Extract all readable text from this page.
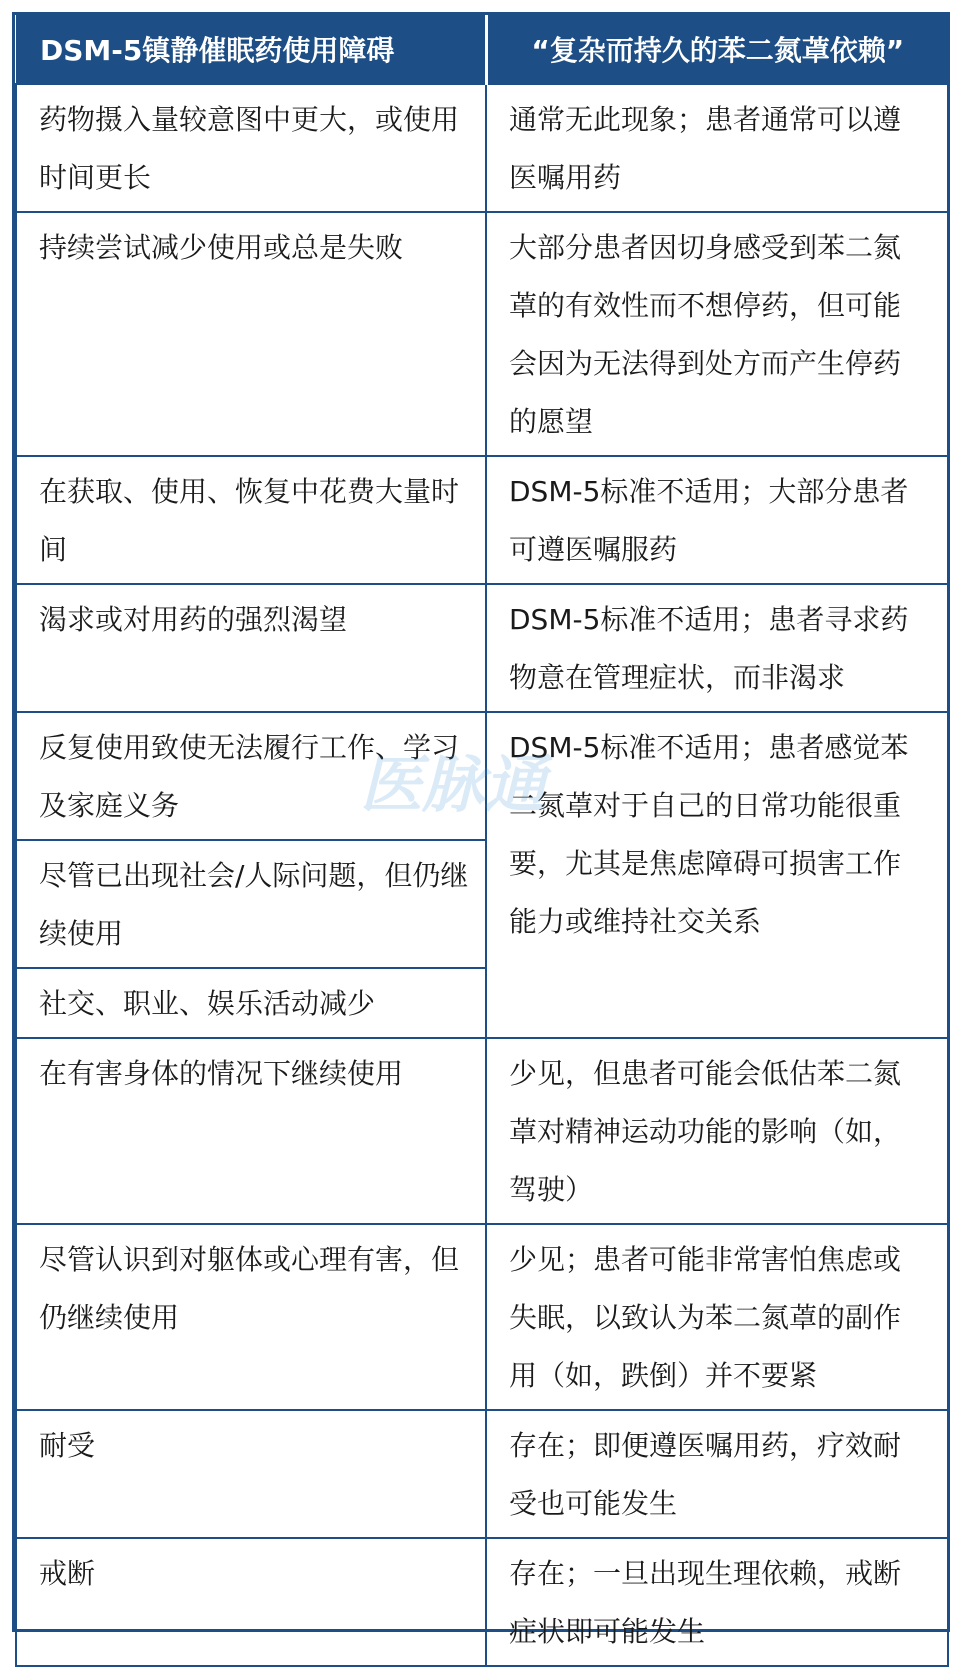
DSM-5镇静催眠药使用障碍	“复杂而持久的苯二氮䓬依赖”
药物摄入量较意图中更大，或使用时间更长	通常无此现象；患者通常可以遵医嘱用药
持续尝试减少使用或总是失败	大部分患者因切身感受到苯二氮䓬的有效性而不想停药，但可能会因为无法得到处方而产生停药的愿望
在获取、使用、恢复中花费大量时间	DSM-5标准不适用；大部分患者可遵医嘱服药
渴求或对用药的强烈渴望	DSM-5标准不适用；患者寻求药物意在管理症状，而非渴求
反复使用致使无法履行工作、学习及家庭义务	DSM-5标准不适用；患者感觉苯二氮䓬对于自己的日常功能很重要，尤其是焦虑障碍可损害工作能力或维持社交关系
尽管已出现社会/人际问题，但仍继续使用	
社交、职业、娱乐活动减少	
在有害身体的情况下继续使用	少见，但患者可能会低估苯二氮䓬对精神运动功能的影响（如，驾驶）
尽管认识到对躯体或心理有害，但仍继续使用	少见；患者可能非常害怕焦虑或失眠，以致认为苯二氮䓬的副作用（如，跌倒）并不要紧
耐受	存在；即便遵医嘱用药，疗效耐受也可能发生
戒断	存在；一旦出现生理依赖，戒断症状即可能发生
医脉通
